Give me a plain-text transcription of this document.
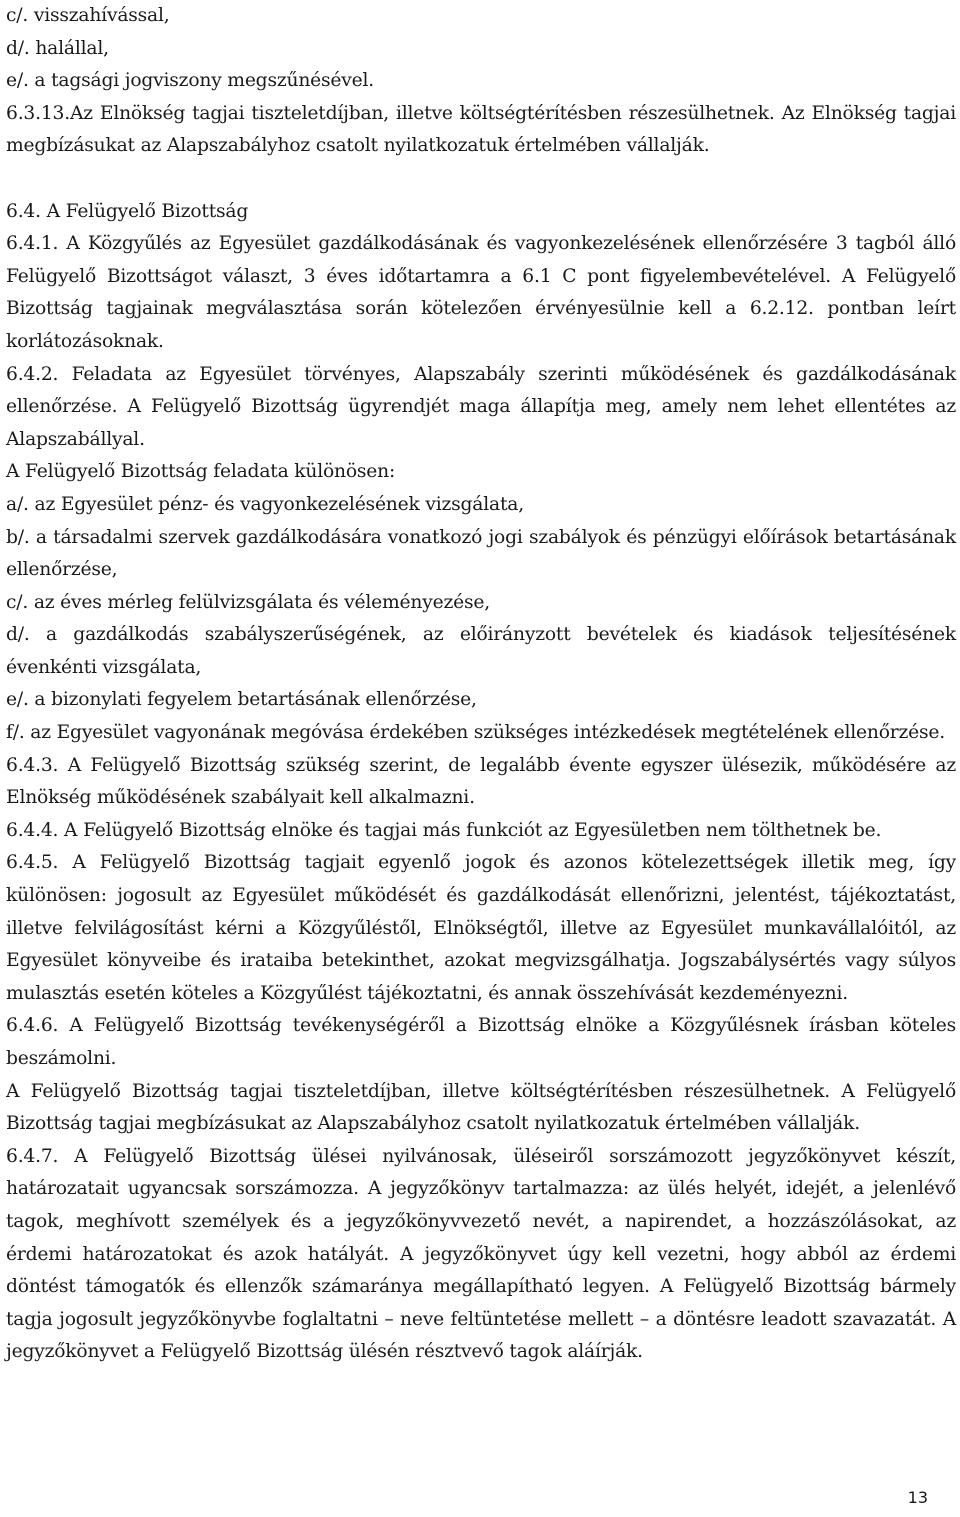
c/. visszahívással,

d/. halállal,

e/. a tagsági jogviszony megszűnésével.

6.3.13.Az Elnökség tagjai tiszteletdíjban, illetve költségtérítésben részesülhetnek. Az Elnökség tagjai megbízásukat az Alapszabályhoz csatolt nyilatkozatuk értelmében vállalják.

6.4. A Felügyelő Bizottság

6.4.1. A Közgyűlés az Egyesület gazdálkodásának és vagyonkezelésének ellenőrzésére 3 tagból álló Felügyelő Bizottságot választ, 3 éves időtartamra a 6.1 C pont figyelembevételével. A Felügyelő Bizottság tagjainak megválasztása során kötelezően érvényesülnie kell a 6.2.12. pontban leírt korlátozásoknak.

6.4.2. Feladata az Egyesület törvényes, Alapszabály szerinti működésének és gazdálkodásának ellenőrzése. A Felügyelő Bizottság ügyrendjét maga állapítja meg, amely nem lehet ellentétes az Alapszabállyal.

A Felügyelő Bizottság feladata különösen:

a/. az Egyesület pénz- és vagyonkezelésének vizsgálata,

b/. a társadalmi szervek gazdálkodására vonatkozó jogi szabályok és pénzügyi előírások betartásának ellenőrzése,

c/. az éves mérleg felülvizsgálata és véleményezése,

d/. a gazdálkodás szabályszerűségének, az előirányzott bevételek és kiadások teljesítésének évenkénti vizsgálata,

e/. a bizonylati fegyelem betartásának ellenőrzése,

f/. az Egyesület vagyonának megóvása érdekében szükséges intézkedések megtételének ellenőrzése.

6.4.3. A Felügyelő Bizottság szükség szerint, de legalább évente egyszer ülésezik, működésére az Elnökség működésének szabályait kell alkalmazni.

6.4.4. A Felügyelő Bizottság elnöke és tagjai más funkciót az Egyesületben nem tölthetnek be.

6.4.5. A Felügyelő Bizottság tagjait egyenlő jogok és azonos kötelezettségek illetik meg, így különösen: jogosult az Egyesület működését és gazdálkodását ellenőrizni, jelentést, tájékoztatást, illetve felvilágosítást kérni a Közgyűléstől, Elnökségtől, illetve az Egyesület munkavállalóitól, az Egyesület könyveibe és irataiba betekinthet, azokat megvizsgálhatja. Jogszabálysértés vagy súlyos mulasztás esetén köteles a Közgyűlést tájékoztatni, és annak összehívását kezdeményezni.

6.4.6. A Felügyelő Bizottság tevékenységéről a Bizottság elnöke a Közgyűlésnek írásban köteles beszámolni.

A Felügyelő Bizottság tagjai tiszteletdíjban, illetve költségtérítésben részesülhetnek. A Felügyelő Bizottság tagjai megbízásukat az Alapszabályhoz csatolt nyilatkozatuk értelmében vállalják.

6.4.7. A Felügyelő Bizottság ülései nyilvánosak, üléseiről sorszámozott jegyzőkönyvet készít, határozatait ugyancsak sorszámozza. A jegyzőkönyv tartalmazza: az ülés helyét, idejét, a jelenlévő tagok, meghívott személyek és a jegyzőkönyvvezető nevét, a napirendet, a hozzászólásokat, az érdemi határozatokat és azok hatályát. A jegyzőkönyvet úgy kell vezetni, hogy abból az érdemi döntést támogatók és ellenzők számaránya megállapítható legyen. A Felügyelő Bizottság bármely tagja jogosult jegyzőkönyvbe foglaltatni – neve feltüntetése mellett – a döntésre leadott szavazatát. A jegyzőkönyvet a Felügyelő Bizottság ülésén résztvevő tagok aláírják.

13
